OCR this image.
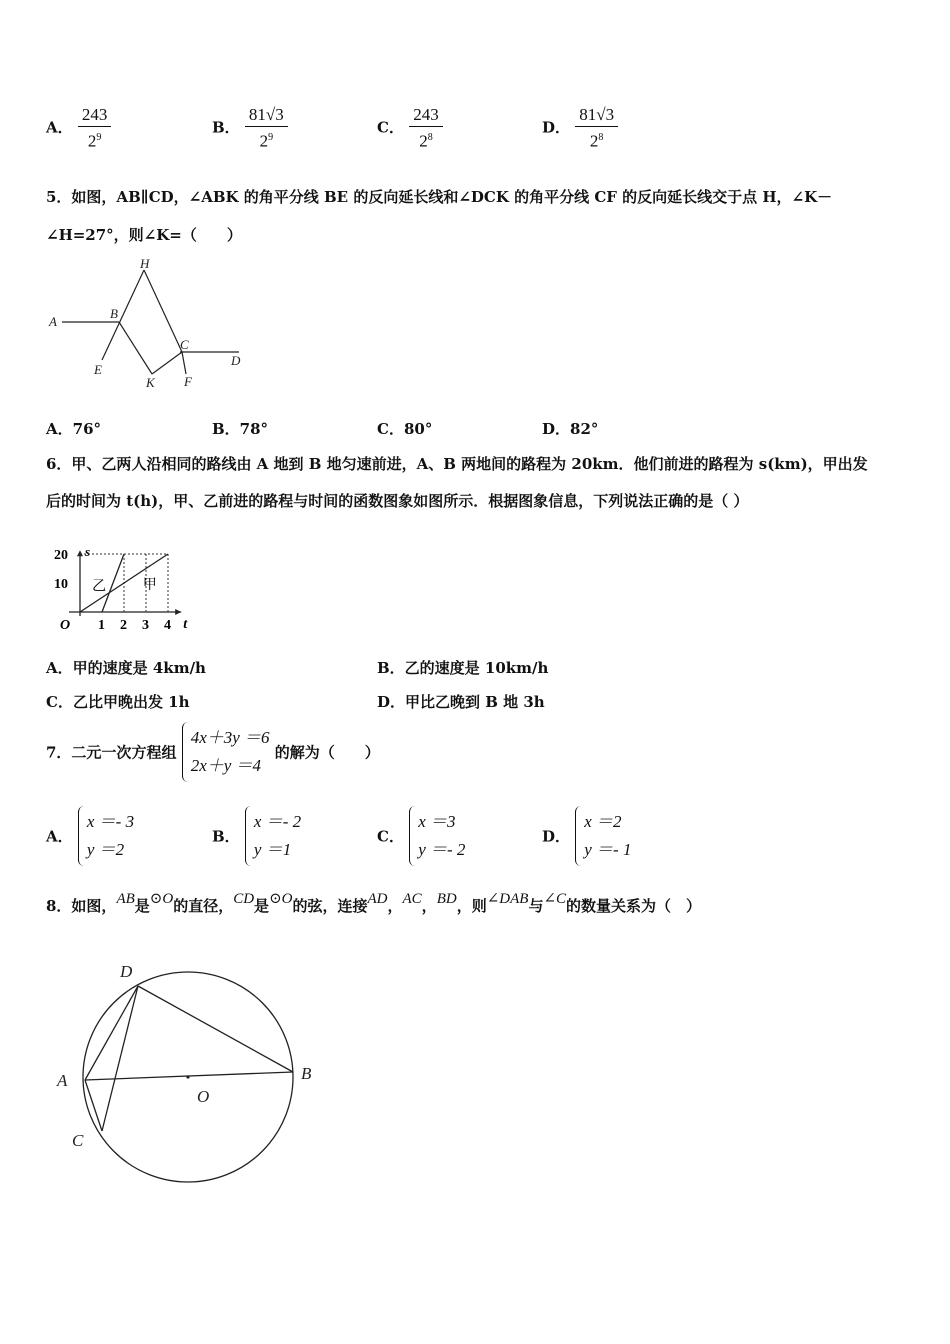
A． $\frac{243}{2^9}$	B． $\frac{81√3}{2^9}$	C． $\frac{243}{2^8}$	D． $\frac{81√3}{2^8}$
5．如图，AB∥CD，∠ABK 的角平分线 BE 的反向延长线和∠DCK 的角平分线 CF 的反向延长线交于点 H，∠K－
∠H=27°，则∠K=（　　）
A
B
C
D
E
F
H
K
A．76°	B．78°	C．80°	D．82°
6．甲、乙两人沿相同的路线由 A 地到 B 地匀速前进，A、B 两地间的路程为 20km．他们前进的路程为 s(km)，甲出发
后的时间为 t(h)，甲、乙前进的路程与时间的函数图象如图所示．根据图象信息，下列说法正确的是（ ）
t
s
O 1 2 3 4
10
20
乙	甲
A．甲的速度是 4km/h	B．乙的速度是 10km/h
C．乙比甲晚出发 1h	D．甲比乙晚到 B 地 3h
7．二元一次方程组
4x＋3y ＝6
2x＋y ＝4
的解为（　　）
A．
x ＝- 3
y ＝2
B．
x ＝- 2
y ＝1
C．
x ＝3
y ＝- 2
D．
x ＝2
y ＝- 1
8．如图，AB是⊙O的直径，CD是⊙O的弦，连接AD，AC，BD，则∠DAB与∠C的数量关系为（　）
D
A	B
C
O
